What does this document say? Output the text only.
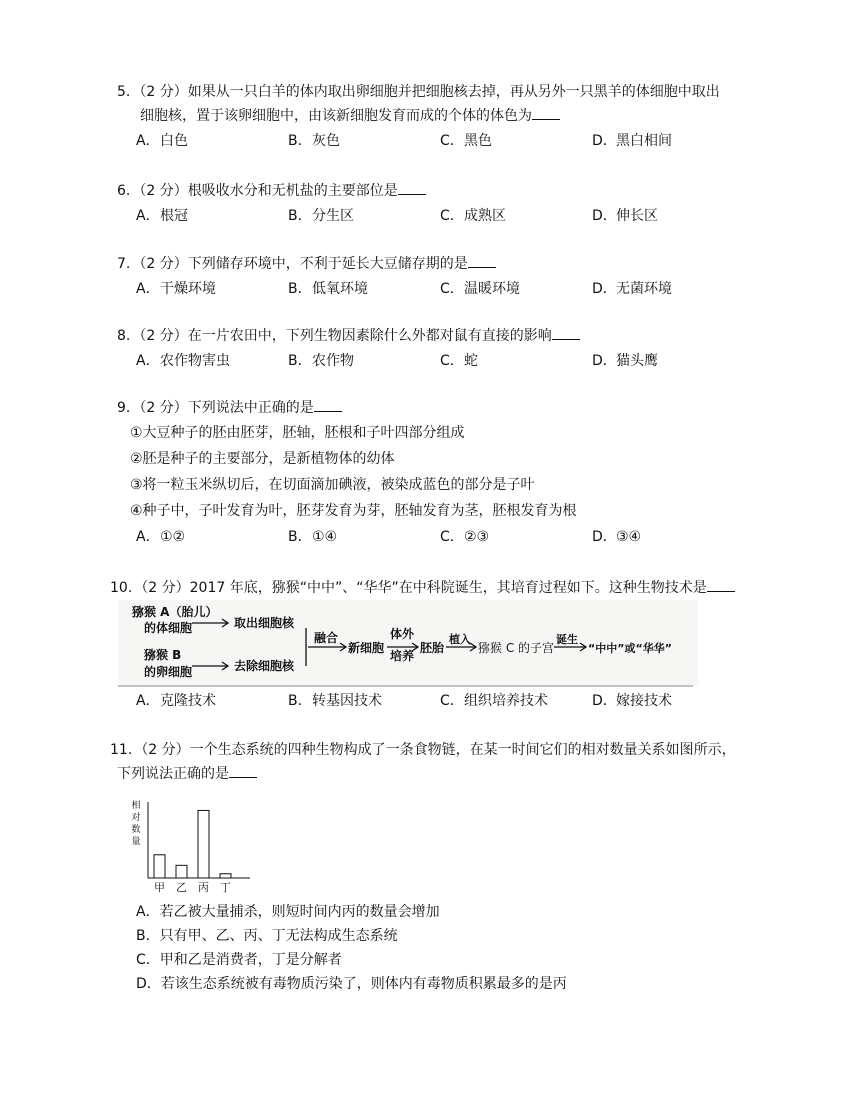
5. （2 分）如果从一只白羊的体内取出卵细胞并把细胞核去掉，再从另外一只黑羊的体细胞中取出
细胞核，置于该卵细胞中，由该新细胞发育而成的个体的体色为
A．白色	B．灰色	C．黑色	D．黑白相间
6. （2 分）根吸收水分和无机盐的主要部位是
A．根冠	B．分生区	C．成熟区	D．伸长区
7. （2 分）下列储存环境中，不利于延长大豆储存期的是
A．干燥环境	B．低氧环境	C．温暖环境	D．无菌环境
8. （2 分）在一片农田中，下列生物因素除什么外都对鼠有直接的影响
A．农作物害虫	B．农作物	C．蛇	D．猫头鹰
9. （2 分）下列说法中正确的是
①大豆种子的胚由胚芽，胚轴，胚根和子叶四部分组成
②胚是种子的主要部分，是新植物体的幼体
③将一粒玉米纵切后，在切面滴加碘液，被染成蓝色的部分是子叶
④种子中，子叶发育为叶，胚芽发育为芽，胚轴发育为茎，胚根发育为根
A．①②	B．①④	C．②③	D．③④
10. （2 分）2017 年底，猕猴“中中”、“华华”在中科院诞生，其培育过程如下。这种生物技术是
猕猴 A（胎儿）
的体细胞
猕猴 B
的卵细胞
取出细胞核
去除细胞核
融合
新细胞
体外
培养
胚胎
植入
猕猴 C 的子宫
诞生
“中中”或“华华”
A．克隆技术	B．转基因技术	C．组织培养技术	D．嫁接技术
11. （2 分）一个生态系统的四种生物构成了一条食物链，在某一时间它们的相对数量关系如图所示，
下列说法正确的是
相
对
数
量
甲 乙 丙 丁
A．若乙被大量捕杀，则短时间内丙的数量会增加
B．只有甲、乙、丙、丁无法构成生态系统
C．甲和乙是消费者，丁是分解者
D．若该生态系统被有毒物质污染了，则体内有毒物质积累最多的是丙
